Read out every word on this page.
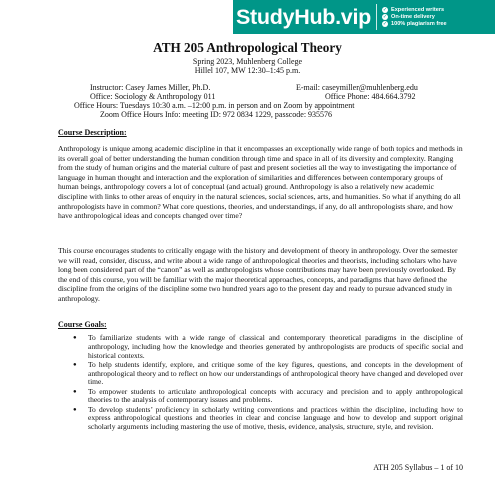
StudyHub.vip ✓ Experienced writers
✓ On-time delivery
✓ 100% plagiarism free
ATH 205 Anthropological Theory
Spring 2023, Muhlenberg College
Hillel 107, MW 12:30–1:45 p.m.
Instructor: Casey James Miller, Ph.D.	E-mail: caseymiller@muhlenberg.edu
Office: Sociology & Anthropology 011	Office Phone: 484.664.3792
Office Hours: Tuesdays 10:30 a.m. –12:00 p.m. in person and on Zoom by appointment
Zoom Office Hours Info: meeting ID: 972 0834 1229, passcode: 935576
Course Description:

Anthropology is unique among academic discipline in that it encompasses an exceptionally wide range of both topics and methods in its overall goal of better understanding the human condition through time and space in all of its diversity and complexity. Ranging from the study of human origins and the material culture of past and present societies all the way to investigating the importance of language in human thought and interaction and the exploration of similarities and differences between contemporary groups of human beings, anthropology covers a lot of conceptual (and actual) ground. Anthropology is also a relatively new academic discipline with links to other areas of enquiry in the natural sciences, social sciences, arts, and humanities. So what if anything do all anthropologists have in common? What core questions, theories, and understandings, if any, do all anthropologists share, and how have anthropological ideas and concepts changed over time?

This course encourages students to critically engage with the history and development of theory in anthropology. Over the semester we will read, consider, discuss, and write about a wide range of anthropological theories and theorists, including scholars who have long been considered part of the “canon” as well as anthropologists whose contributions may have been previously overlooked. By the end of this course, you will be familiar with the major theoretical approaches, concepts, and paradigms that have defined the discipline from the origins of the discipline some two hundred years ago to the present day and ready to pursue advanced study in anthropology.

Course Goals:
●	To familiarize students with a wide range of classical and contemporary theoretical paradigms in the discipline of anthropology, including how the knowledge and theories generated by anthropologists are products of specific social and historical contexts.
●	To help students identify, explore, and critique some of the key figures, questions, and concepts in the development of anthropological theory and to reflect on how our understandings of anthropological theory have changed and developed over time.
●	To empower students to articulate anthropological concepts with accuracy and precision and to apply anthropological theories to the analysis of contemporary issues and problems.
●	To develop students’ proficiency in scholarly writing conventions and practices within the discipline, including how to express anthropological questions and theories in clear and concise language and how to develop and support original scholarly arguments including mastering the use of motive, thesis, evidence, analysis, structure, style, and revision.
ATH 205 Syllabus – 1 of 10
